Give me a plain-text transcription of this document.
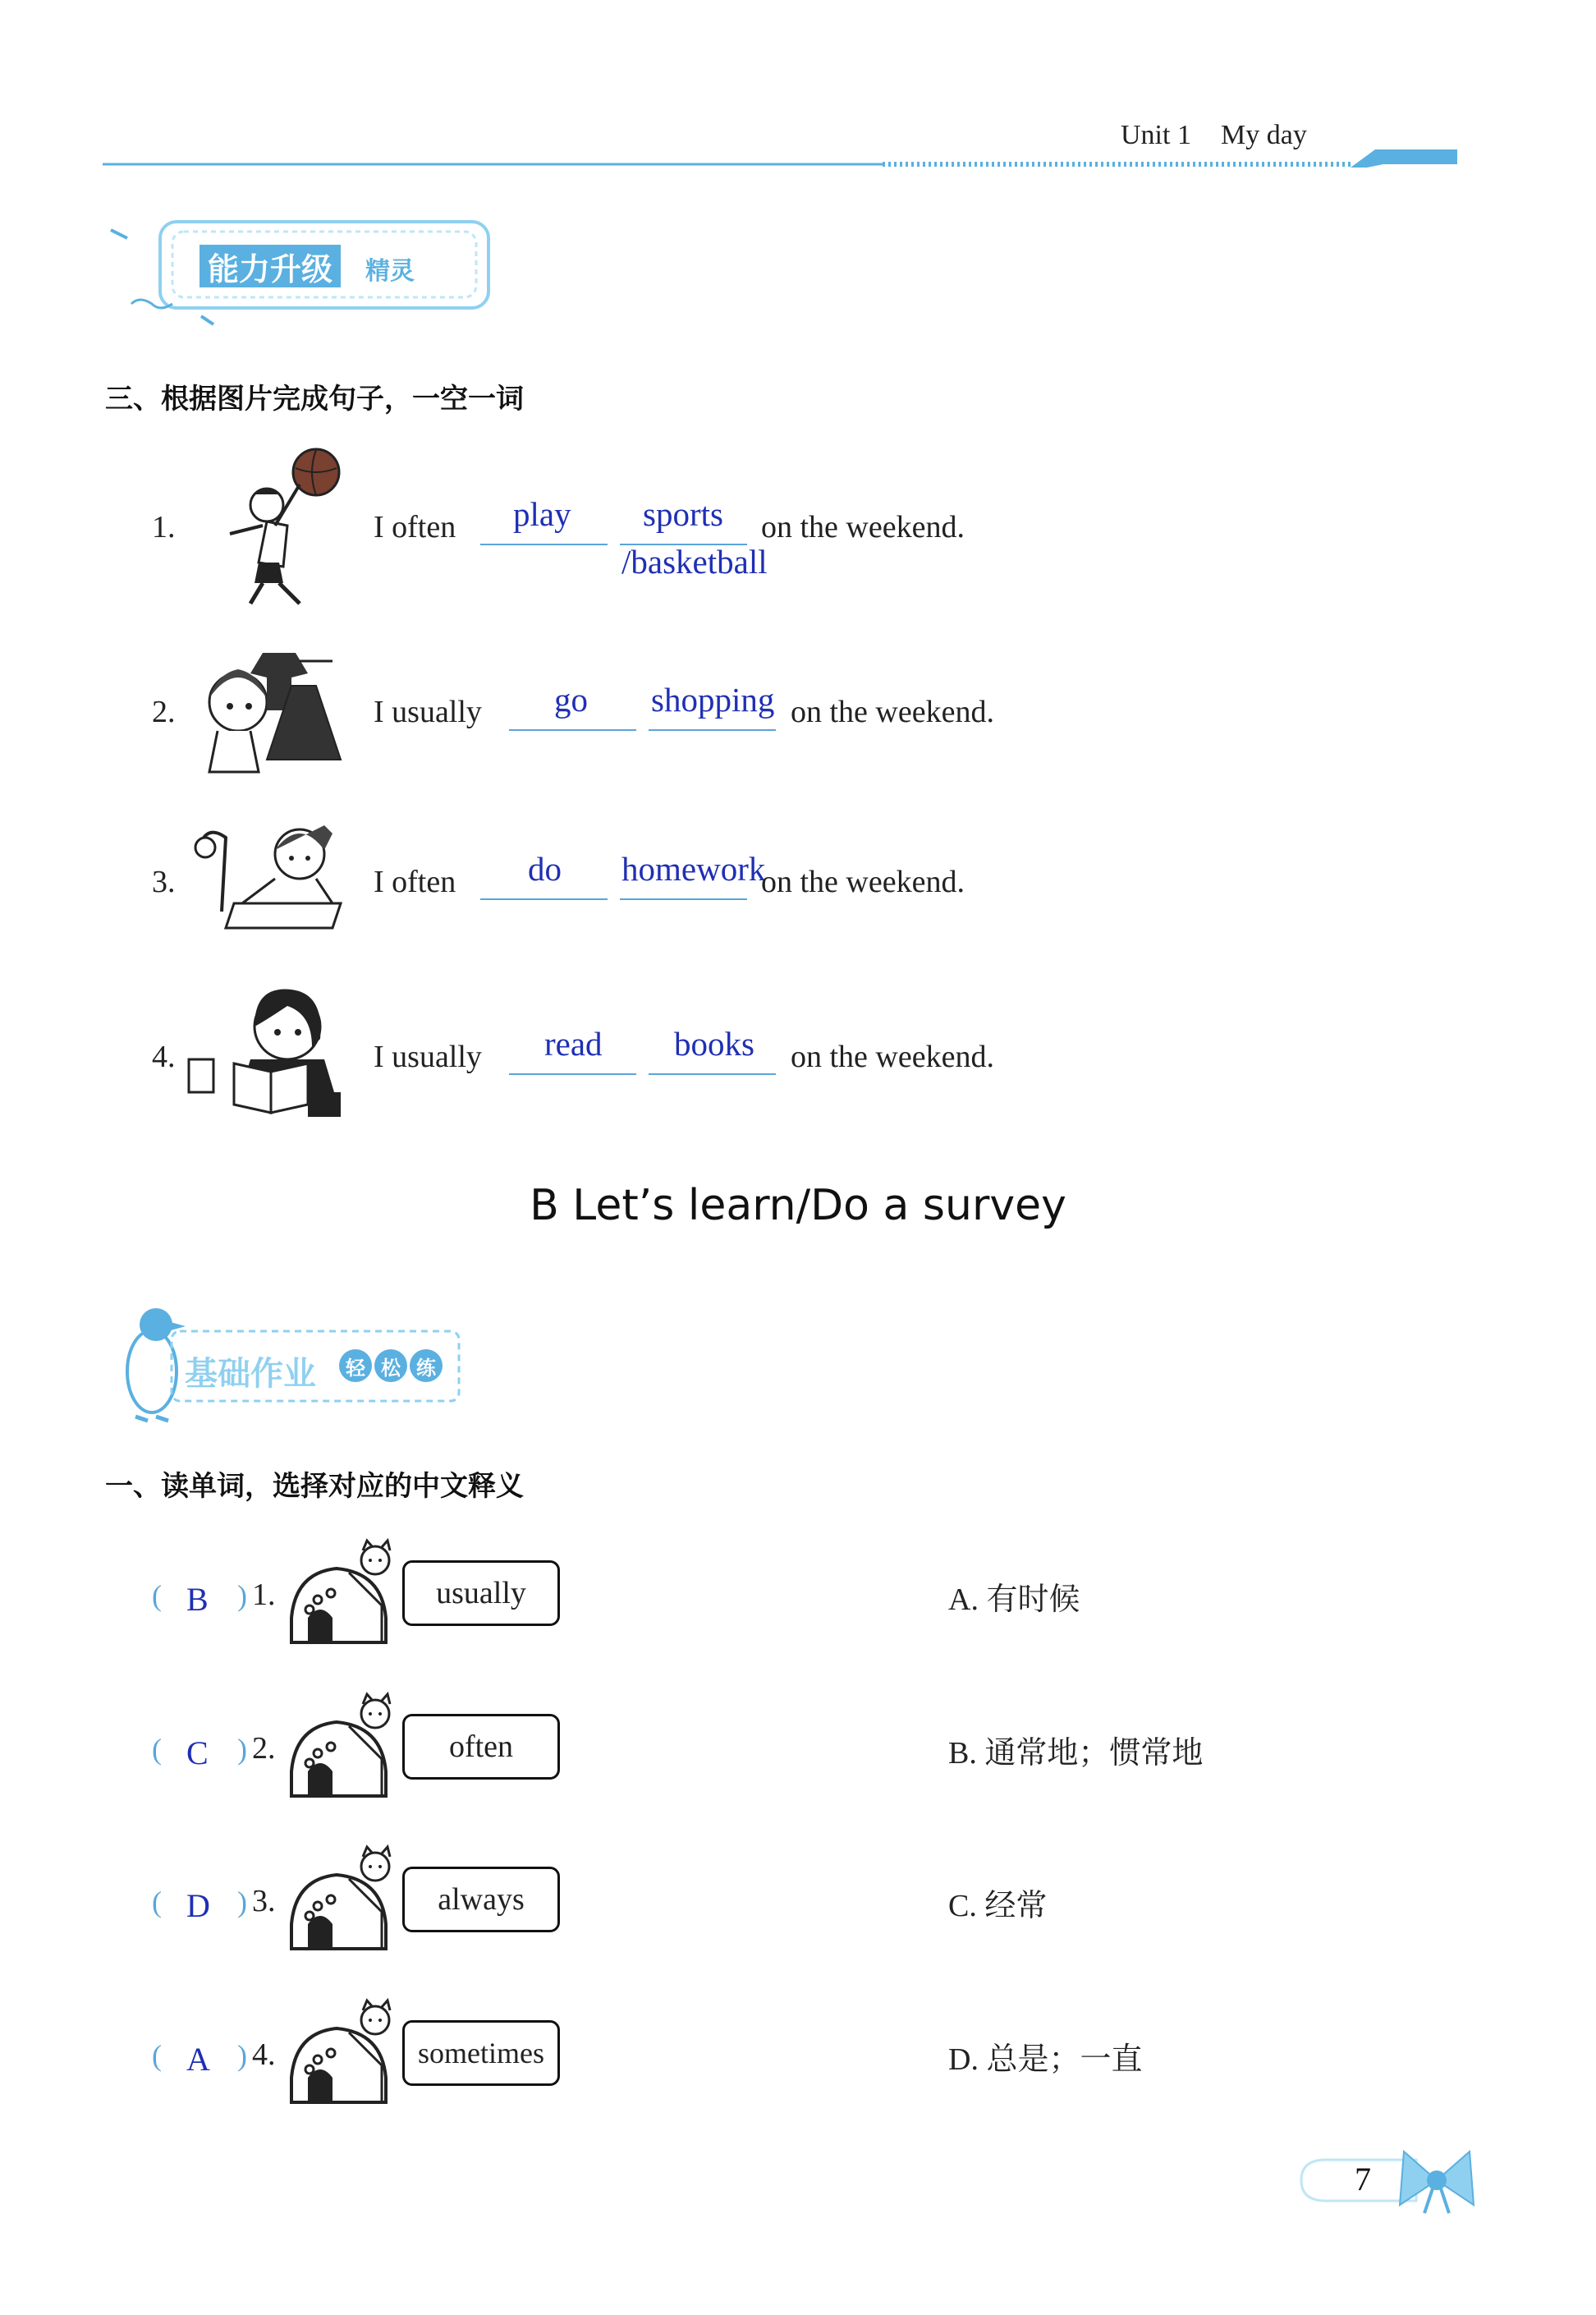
Unit 1 My day
能力升级	精灵
三、根据图片完成句子，一空一词
1.	I often play sports
/basketball
on the weekend.
2.	I usually go shopping on the weekend.
3.	I often do homework
on the weekend.
4.	I usually read books on the weekend.
B Let’s learn/Do a survey
基础作业	轻 松 练
一、读单词，选择对应的中文释义
( B ) 1.	usually
( C ) 2.	often
( D ) 3.	always
( A ) 4.	sometimes
A. 有时候
B. 通常地；惯常地
C. 经常
D. 总是；一直
7
